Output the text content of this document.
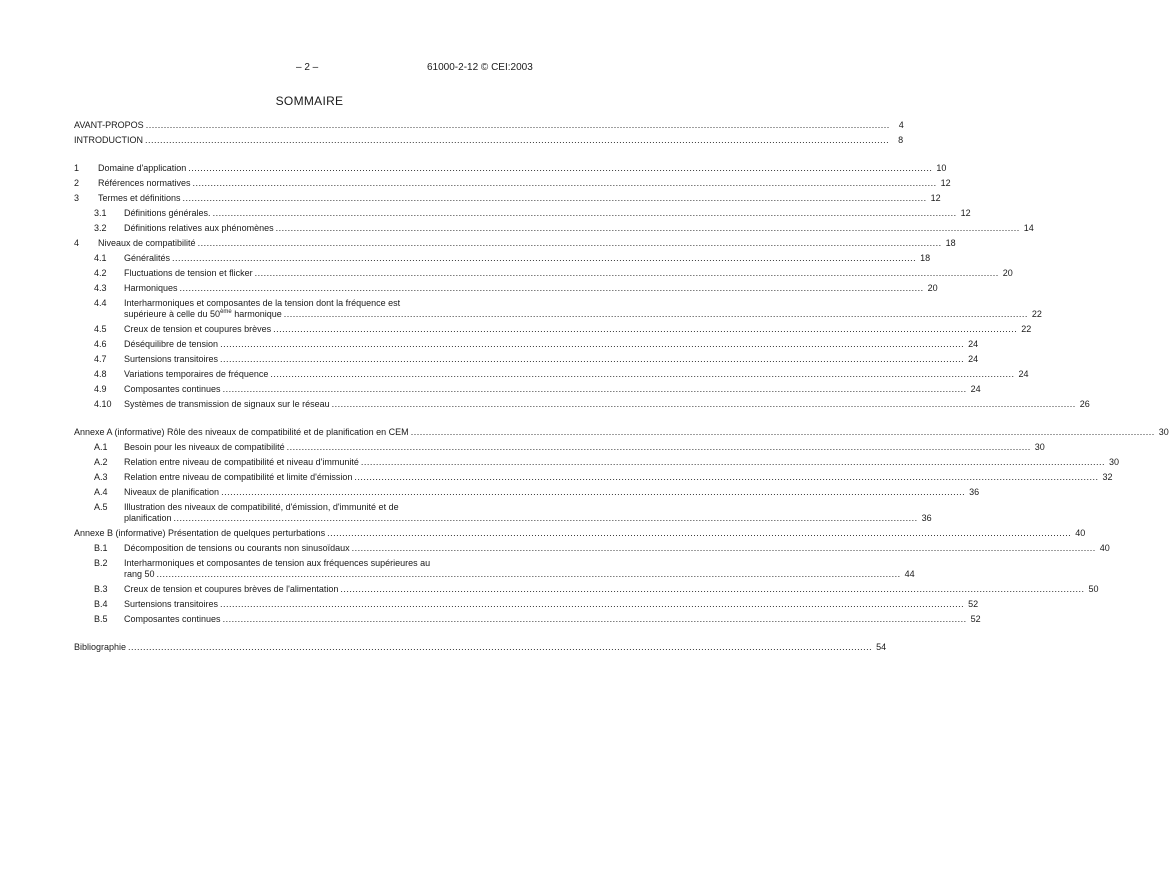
– 2 –	61000-2-12 © CEI:2003
SOMMAIRE
AVANT-PROPOS .....	4
INTRODUCTION .....	8
1	Domaine d'application .....	10
2	Références normatives .....	12
3	Termes et définitions .....	12
3.1	Définitions générales. .....	12
3.2	Définitions relatives aux phénomènes .....	14
4	Niveaux de compatibilité .....	18
4.1	Généralités .....	18
4.2	Fluctuations de tension et flicker .....	20
4.3	Harmoniques .....	20
4.4	Interharmoniques et composantes de la tension dont la fréquence est
supérieure à celle du 50ème harmonique .....	22
4.5	Creux de tension et coupures brèves .....	22
4.6	Déséquilibre de tension .....	24
4.7	Surtensions transitoires .....	24
4.8	Variations temporaires de fréquence .....	24
4.9	Composantes continues .....	24
4.10	Systèmes de transmission de signaux sur le réseau .....	26
Annexe A (informative) Rôle des niveaux de compatibilité et de planification en CEM .....	30
A.1	Besoin pour les niveaux de compatibilité .....	30
A.2	Relation entre niveau de compatibilité et niveau d'immunité .....	30
A.3	Relation entre niveau de compatibilité et limite d'émission .....	32
A.4	Niveaux de planification .....	36
A.5	Illustration des niveaux de compatibilité, d'émission, d'immunité et de
planification .....	36
Annexe B (informative) Présentation de quelques perturbations .....	40
B.1	Décomposition de tensions ou courants non sinusoïdaux .....	40
B.2	Interharmoniques et composantes de tension aux fréquences supérieures au
rang 50 .....	44
B.3	Creux de tension et coupures brèves de l'alimentation .....	50
B.4	Surtensions transitoires .....	52
B.5	Composantes continues .....	52
Bibliographie .....	54
